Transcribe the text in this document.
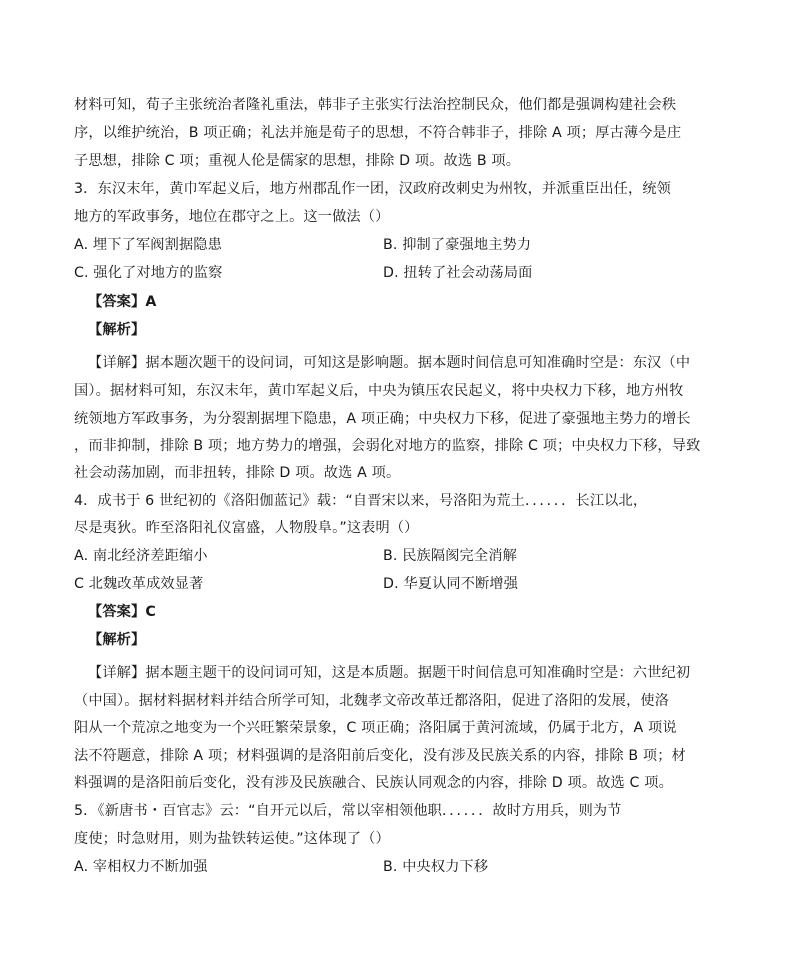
材料可知，荀子主张统治者隆礼重法，韩非子主张实行法治控制民众，他们都是强调构建社会秩
序，以维护统治，B 项正确；礼法并施是荀子的思想，不符合韩非子，排除 A 项；厚古薄今是庄
子思想，排除 C 项；重视人伦是儒家的思想，排除 D 项。故选 B 项。
3．东汉末年，黄巾军起义后，地方州郡乱作一团，汉政府改刺史为州牧，并派重臣出任，统领
地方的军政事务，地位在郡守之上。这一做法（）
A. 埋下了军阀割据隐患	B. 抑制了豪强地主势力
C. 强化了对地方的监察	D. 扭转了社会动荡局面
【答案】A
【解析】
【详解】据本题次题干的设问词，可知这是影响题。据本题时间信息可知准确时空是：东汉（中
国）。据材料可知，东汉末年，黄巾军起义后，中央为镇压农民起义，将中央权力下移，地方州牧
统领地方军政事务，为分裂割据埋下隐患，A 项正确；中央权力下移，促进了豪强地主势力的增长
，而非抑制，排除 B 项；地方势力的增强，会弱化对地方的监察，排除 C 项；中央权力下移，导致
社会动荡加剧，而非扭转，排除 D 项。故选 A 项。
4．成书于 6 世纪初的《洛阳伽蓝记》载：“自晋宋以来，号洛阳为荒土．．．．．．长江以北，
尽是夷狄。昨至洛阳礼仪富盛，人物殷阜。”这表明（）
A. 南北经济差距缩小	B. 民族隔阂完全消解
C 北魏改革成效显著	D. 华夏认同不断增强
【答案】C
【解析】
【详解】据本题主题干的设问词可知，这是本质题。据题干时间信息可知准确时空是：六世纪初
（中国）。据材料据材料并结合所学可知，北魏孝文帝改革迁都洛阳，促进了洛阳的发展，使洛
阳从一个荒凉之地变为一个兴旺繁荣景象，C 项正确；洛阳属于黄河流域，仍属于北方，A 项说
法不符题意，排除 A 项；材料强调的是洛阳前后变化，没有涉及民族关系的内容，排除 B 项；材
料强调的是洛阳前后变化，没有涉及民族融合、民族认同观念的内容，排除 D 项。故选 C 项。
5．《新唐书・百官志》云：“自开元以后，常以宰相领他职．．．．．．故时方用兵，则为节
度使；时急财用，则为盐铁转运使。”这体现了（）
A. 宰相权力不断加强	B. 中央权力下移
